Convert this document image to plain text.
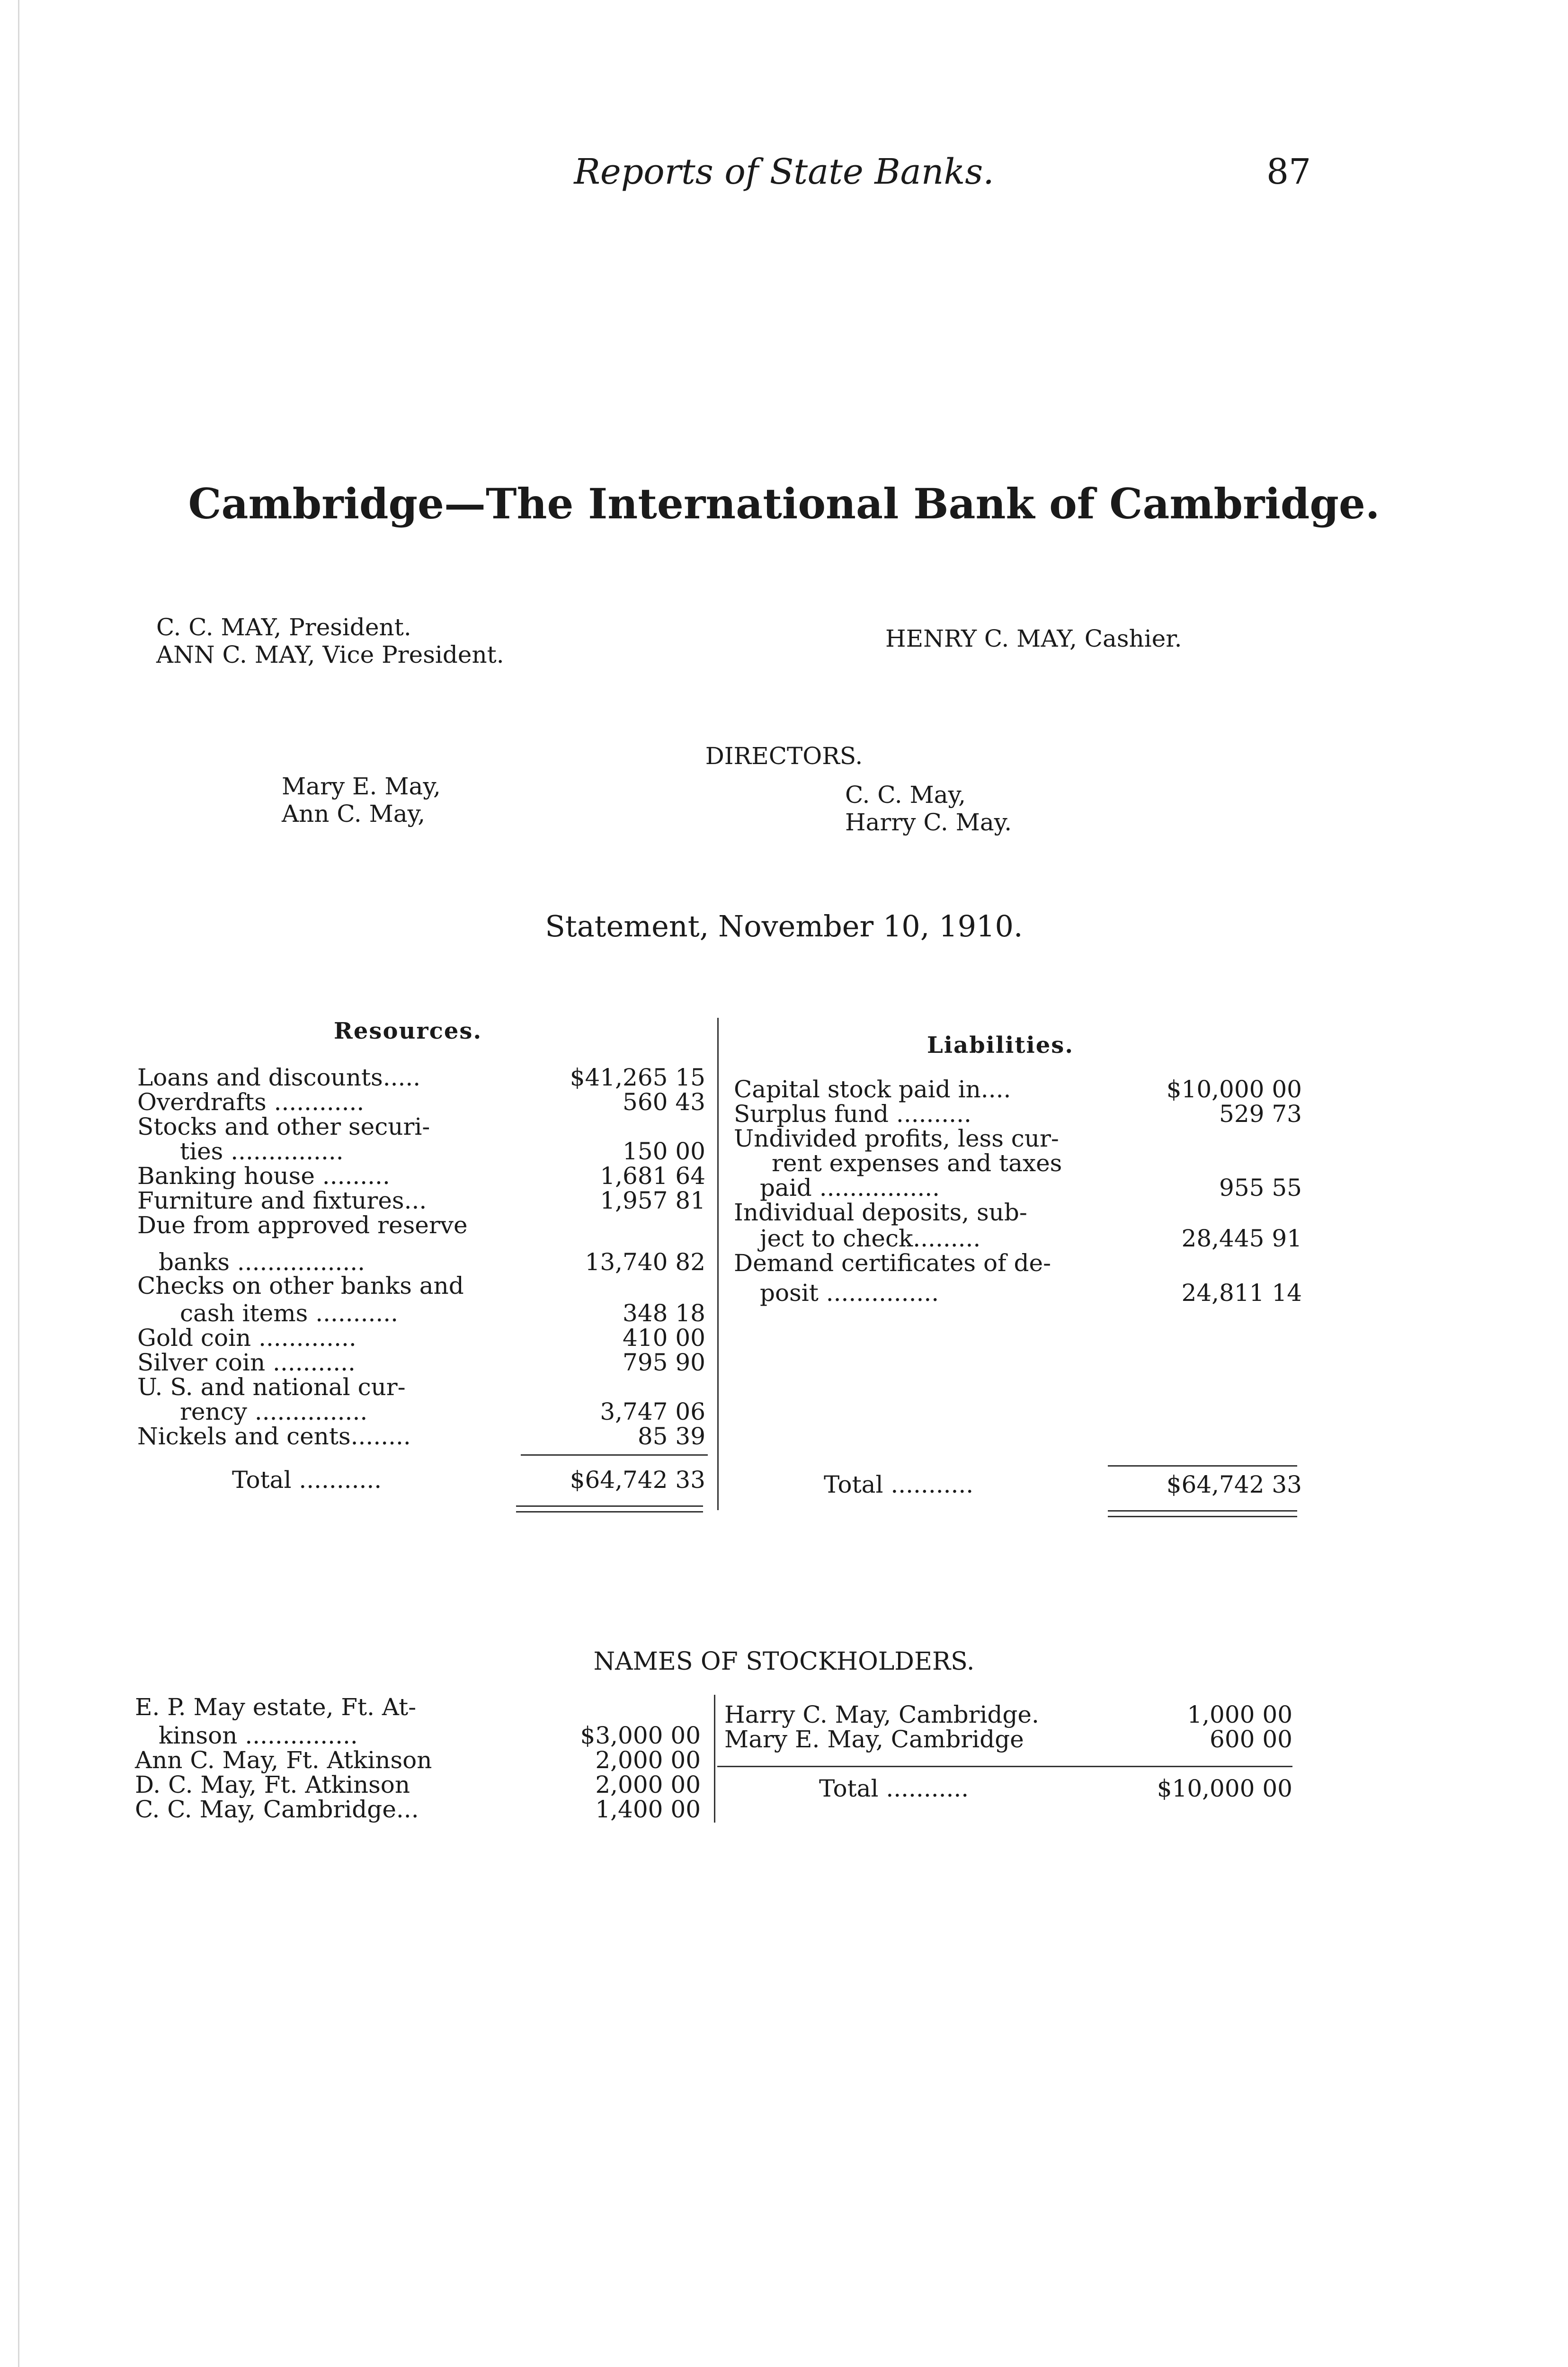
Reports of State Banks.	87
Cambridge—The International Bank of Cambridge.
C. C. MAY, President.
ANN C. MAY, Vice President.
HENRY C. MAY, Cashier.
DIRECTORS.
Mary E. May,
Ann C. May,
C. C. May,
Harry C. May.
Statement, November 10, 1910.
Resources.
Liabilities.
Loans and discounts.....	$41,265 15
Overdrafts ............	560 43
Stocks and other securi-
ties ...............	150 00
Banking house .........	1,681 64
Furniture and fixtures...	1,957 81
Due from approved reserve
banks .................	13,740 82
Checks on other banks and
cash items ...........	348 18
Gold coin .............	410 00
Silver coin ...........	795 90
U. S. and national cur-
rency ...............	3,747 06
Nickels and cents........	85 39
Total ...........	$64,742 33
Capital stock paid in....	$10,000 00
Surplus fund ..........	529 73
Undivided profits, less cur-
rent expenses and taxes
paid ................	955 55
Individual deposits, sub-
ject to check.........	28,445 91
Demand certificates of de-
posit ...............	24,811 14
Total ...........	$64,742 33
NAMES OF STOCKHOLDERS.
E. P. May estate, Ft. At-
kinson ...............	$3,000 00
Ann C. May, Ft. Atkinson	2,000 00
D. C. May, Ft. Atkinson	2,000 00
C. C. May, Cambridge...	1,400 00
Harry C. May, Cambridge.	1,000 00
Mary E. May, Cambridge	600 00
Total ...........	$10,000 00
